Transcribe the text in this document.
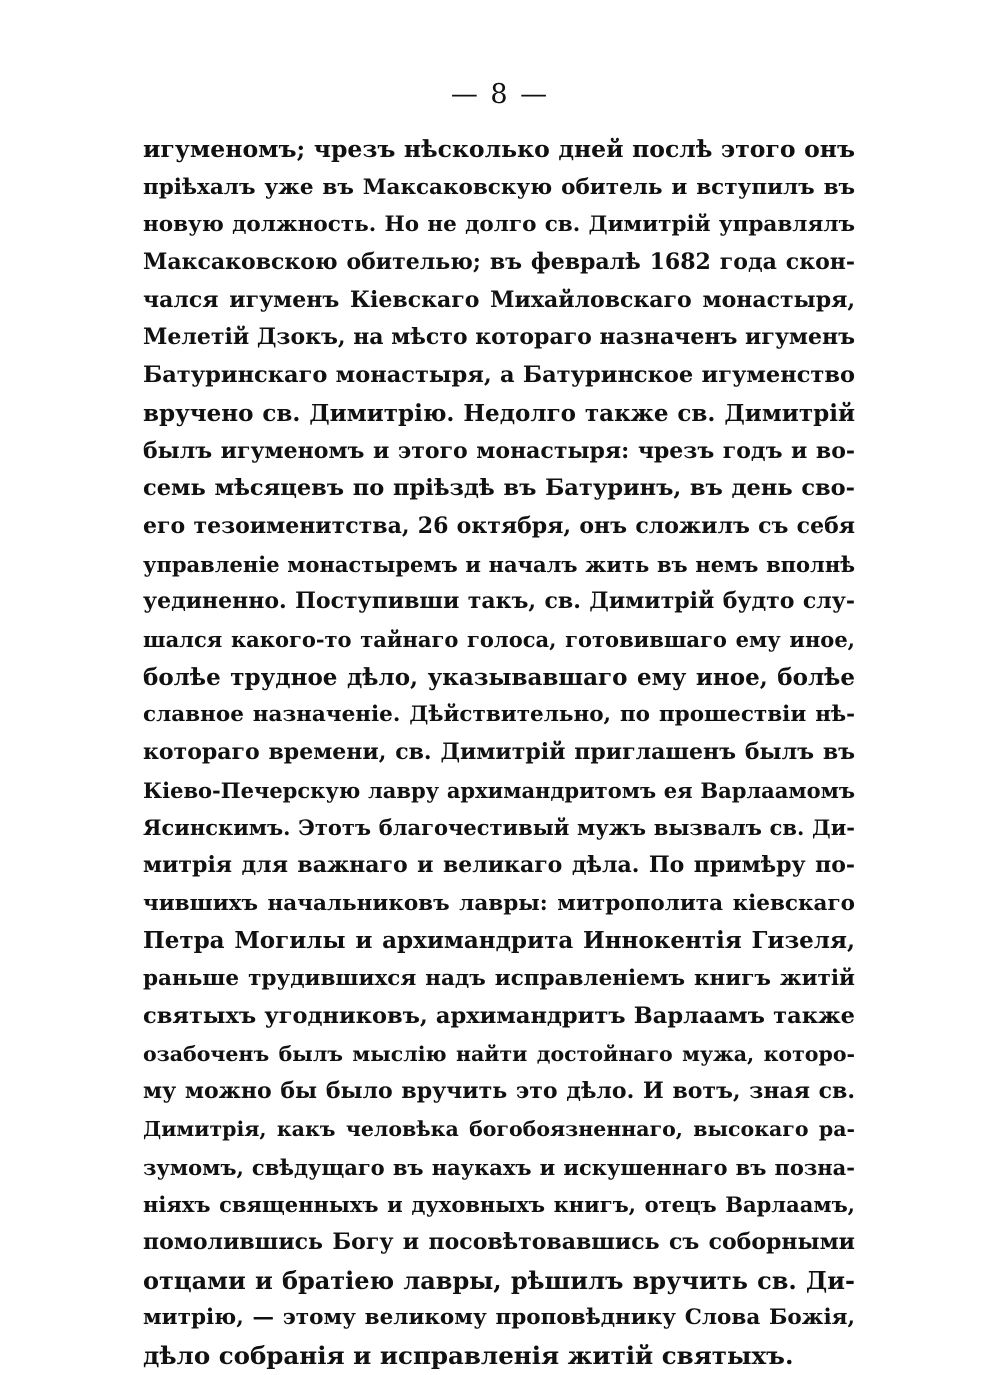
— 8 —
игуменомъ; чрезъ нѣсколько дней послѣ этого онъ
пріѣхалъ уже въ Максаковскую обитель и вступилъ въ
новую должность. Но не долго св. Димитрій управлялъ
Максаковскою обителью; въ февралѣ 1682 года скон-
чался игуменъ Кіевскаго Михайловскаго монастыря,
Мелетій Дзокъ, на мѣсто котораго назначенъ игуменъ
Батуринскаго монастыря, а Батуринское игуменство
вручено св. Димитрію. Недолго также св. Димитрій
былъ игуменомъ и этого монастыря: чрезъ годъ и во-
семь мѣсяцевъ по пріѣздѣ въ Батуринъ, въ день сво-
его тезоименитства, 26 октября, онъ сложилъ съ себя
управленіе монастыремъ и началъ жить въ немъ вполнѣ
уединенно. Поступивши такъ, св. Димитрій будто слу-
шался какого-то тайнаго голоса, готовившаго ему иное,
болѣе трудное дѣло, указывавшаго ему иное, болѣе
славное назначеніе. Дѣйствительно, по прошествіи нѣ-
котораго времени, св. Димитрій приглашенъ былъ въ
Кіево-Печерскую лавру архимандритомъ ея Варлаамомъ
Ясинскимъ. Этотъ благочестивый мужъ вызвалъ св. Ди-
митрія для важнаго и великаго дѣла. По примѣру по-
чившихъ начальниковъ лавры: митрополита кіевскаго
Петра Могилы и архимандрита Иннокентія Гизеля,
раньше трудившихся надъ исправленіемъ книгъ житій
святыхъ угодниковъ, архимандритъ Варлаамъ также
озабоченъ былъ мыслію найти достойнаго мужа, которо-
му можно бы было вручить это дѣло. И вотъ, зная св.
Димитрія, какъ человѣка богобоязненнаго, высокаго ра-
зумомъ, свѣдущаго въ наукахъ и искушеннаго въ позна-
ніяхъ священныхъ и духовныхъ книгъ, отецъ Варлаамъ,
помолившись Богу и посовѣтовавшись съ соборными
отцами и братіею лавры, рѣшилъ вручить св. Ди-
митрію, — этому великому проповѣднику Слова Божія,
дѣло собранія и исправленія житій святыхъ.
